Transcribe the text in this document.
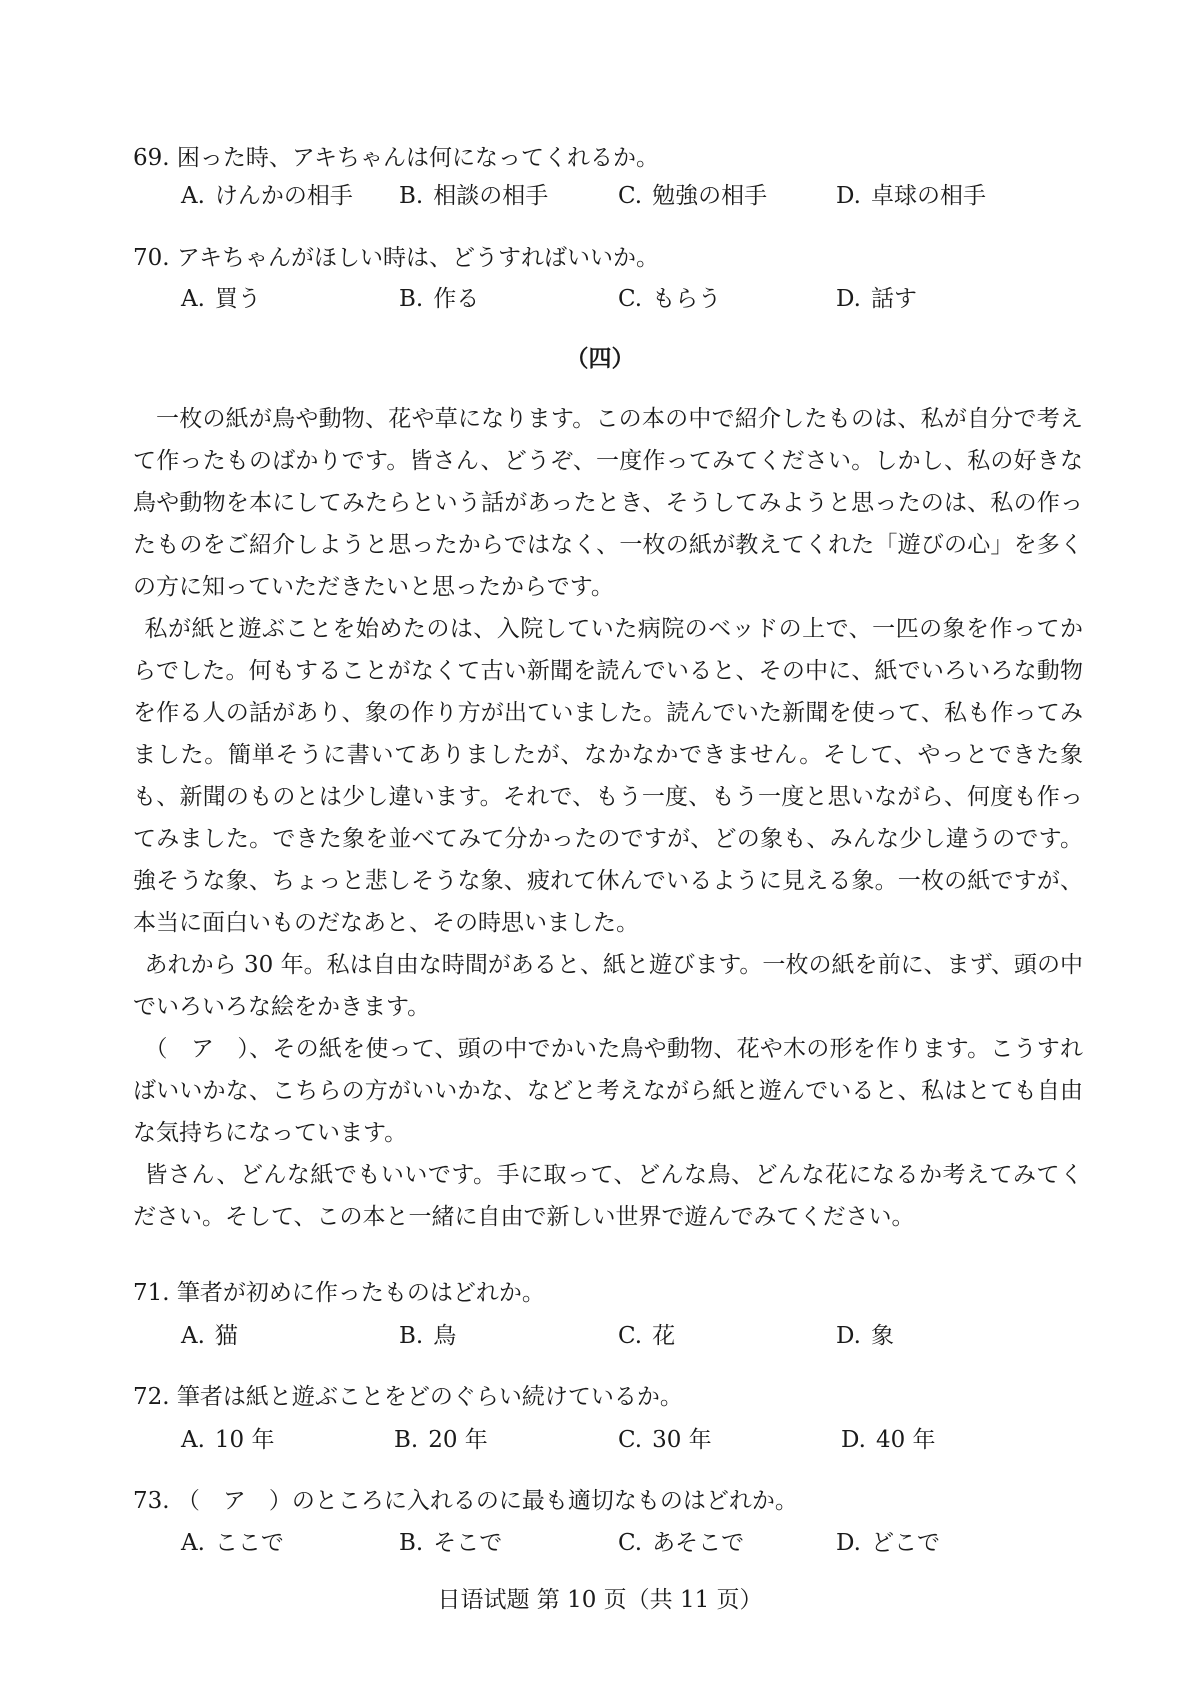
69. 困った時、アキちゃんは何になってくれるか。
A. けんかの相手 B. 相談の相手	C. 勉強の相手	D. 卓球の相手
70. アキちゃんがほしい時は、どうすればいいか。
A. 買う	B. 作る	C. もらう	D. 話す
（四）

一枚の紙が鳥や動物、花や草になります。この本の中で紹介したものは、私が自分で考えて作ったものばかりです。皆さん、どうぞ、一度作ってみてください。しかし、私の好きな鳥や動物を本にしてみたらという話があったとき、そうしてみようと思ったのは、私の作ったものをご紹介しようと思ったからではなく、一枚の紙が教えてくれた「遊びの心」を多くの方に知っていただきたいと思ったからです。

私が紙と遊ぶことを始めたのは、入院していた病院のベッドの上で、一匹の象を作ってからでした。何もすることがなくて古い新聞を読んでいると、その中に、紙でいろいろな動物を作る人の話があり、象の作り方が出ていました。読んでいた新聞を使って、私も作ってみました。簡単そうに書いてありましたが、なかなかできません。そして、やっとできた象も、新聞のものとは少し違います。それで、もう一度、もう一度と思いながら、何度も作ってみました。できた象を並べてみて分かったのですが、どの象も、みんな少し違うのです。強そうな象、ちょっと悲しそうな象、疲れて休んでいるように見える象。一枚の紙ですが、本当に面白いものだなあと、その時思いました。

あれから 30 年。私は自由な時間があると、紙と遊びます。一枚の紙を前に、まず、頭の中でいろいろな絵をかきます。

（　ア　）、その紙を使って、頭の中でかいた鳥や動物、花や木の形を作ります。こうすればいいかな、こちらの方がいいかな、などと考えながら紙と遊んでいると、私はとても自由な気持ちになっています。

皆さん、どんな紙でもいいです。手に取って、どんな鳥、どんな花になるか考えてみてください。そして、この本と一緒に自由で新しい世界で遊んでみてください。

71. 筆者が初めに作ったものはどれか。
A. 猫	B. 鳥	C. 花	D. 象
72. 筆者は紙と遊ぶことをどのぐらい続けているか。
A. 10 年	B. 20 年	C. 30 年	D. 40 年
73. （　ア　）のところに入れるのに最も適切なものはどれか。
A. ここで	B. そこで	C. あそこで	D. どこで
日语试题 第 10 页（共 11 页）
